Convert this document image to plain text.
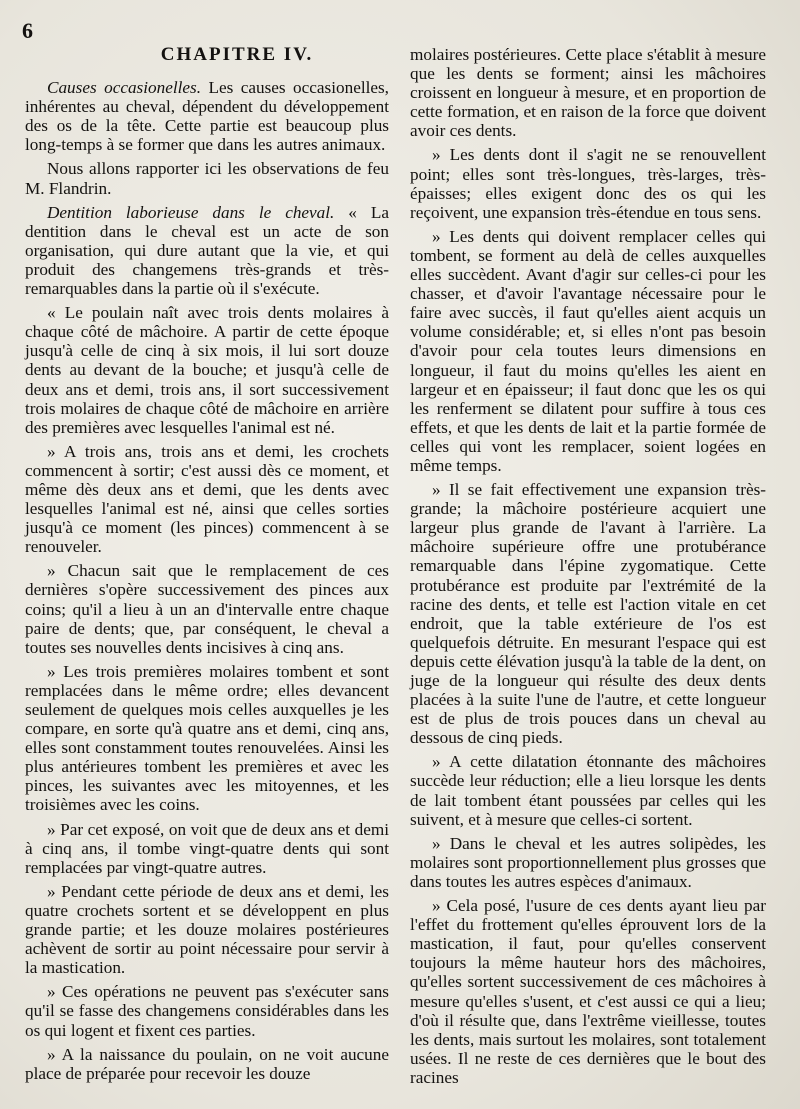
6
CHAPITRE IV.

Causes occasionelles. Les causes occasionelles, inhérentes au cheval, dépendent du développement des os de la tête. Cette partie est beaucoup plus long-temps à se former que dans les autres animaux.

Nous allons rapporter ici les observations de feu M. Flandrin.

Dentition laborieuse dans le cheval. « La dentition dans le cheval est un acte de son organisation, qui dure autant que la vie, et qui produit des changemens très-grands et très-remarquables dans la partie où il s'exécute.

« Le poulain naît avec trois dents molaires à chaque côté de mâchoire. A partir de cette époque jusqu'à celle de cinq à six mois, il lui sort douze dents au devant de la bouche; et jusqu'à celle de deux ans et demi, trois ans, il sort successivement trois molaires de chaque côté de mâchoire en arrière des premières avec lesquelles l'animal est né.

» A trois ans, trois ans et demi, les crochets commencent à sortir; c'est aussi dès ce moment, et même dès deux ans et demi, que les dents avec lesquelles l'animal est né, ainsi que celles sorties jusqu'à ce moment (les pinces) commencent à se renouveler.

» Chacun sait que le remplacement de ces dernières s'opère successivement des pinces aux coins; qu'il a lieu à un an d'intervalle entre chaque paire de dents; que, par conséquent, le cheval a toutes ses nouvelles dents incisives à cinq ans.

» Les trois premières molaires tombent et sont remplacées dans le même ordre; elles devancent seulement de quelques mois celles auxquelles je les compare, en sorte qu'à quatre ans et demi, cinq ans, elles sont constamment toutes renouvelées. Ainsi les plus antérieures tombent les premières et avec les pinces, les suivantes avec les mitoyennes, et les troisièmes avec les coins.

» Par cet exposé, on voit que de deux ans et demi à cinq ans, il tombe vingt-quatre dents qui sont remplacées par vingt-quatre autres.

» Pendant cette période de deux ans et demi, les quatre crochets sortent et se développent en plus grande partie; et les douze molaires postérieures achèvent de sortir au point nécessaire pour servir à la mastication.

» Ces opérations ne peuvent pas s'exécuter sans qu'il se fasse des changemens considérables dans les os qui logent et fixent ces parties.

» A la naissance du poulain, on ne voit aucune place de préparée pour recevoir les douze

molaires postérieures. Cette place s'établit à mesure que les dents se forment; ainsi les mâchoires croissent en longueur à mesure, et en proportion de cette formation, et en raison de la force que doivent avoir ces dents.

» Les dents dont il s'agit ne se renouvellent point; elles sont très-longues, très-larges, très-épaisses; elles exigent donc des os qui les reçoivent, une expansion très-étendue en tous sens.

» Les dents qui doivent remplacer celles qui tombent, se forment au delà de celles auxquelles elles succèdent. Avant d'agir sur celles-ci pour les chasser, et d'avoir l'avantage nécessaire pour le faire avec succès, il faut qu'elles aient acquis un volume considérable; et, si elles n'ont pas besoin d'avoir pour cela toutes leurs dimensions en longueur, il faut du moins qu'elles les aient en largeur et en épaisseur; il faut donc que les os qui les renferment se dilatent pour suffire à tous ces effets, et que les dents de lait et la partie formée de celles qui vont les remplacer, soient logées en même temps.

» Il se fait effectivement une expansion très-grande; la mâchoire postérieure acquiert une largeur plus grande de l'avant à l'arrière. La mâchoire supérieure offre une protubérance remarquable dans l'épine zygomatique. Cette protubérance est produite par l'extrémité de la racine des dents, et telle est l'action vitale en cet endroit, que la table extérieure de l'os est quelquefois détruite. En mesurant l'espace qui est depuis cette élévation jusqu'à la table de la dent, on juge de la longueur qui résulte des deux dents placées à la suite l'une de l'autre, et cette longueur est de plus de trois pouces dans un cheval au dessous de cinq pieds.

» A cette dilatation étonnante des mâchoires succède leur réduction; elle a lieu lorsque les dents de lait tombent étant poussées par celles qui les suivent, et à mesure que celles-ci sortent.

» Dans le cheval et les autres solipèdes, les molaires sont proportionnellement plus grosses que dans toutes les autres espèces d'animaux.

» Cela posé, l'usure de ces dents ayant lieu par l'effet du frottement qu'elles éprouvent lors de la mastication, il faut, pour qu'elles conservent toujours la même hauteur hors des mâchoires, qu'elles sortent successivement de ces mâchoires à mesure qu'elles s'usent, et c'est aussi ce qui a lieu; d'où il résulte que, dans l'extrême vieillesse, toutes les dents, mais surtout les molaires, sont totalement usées. Il ne reste de ces dernières que le bout des racines
